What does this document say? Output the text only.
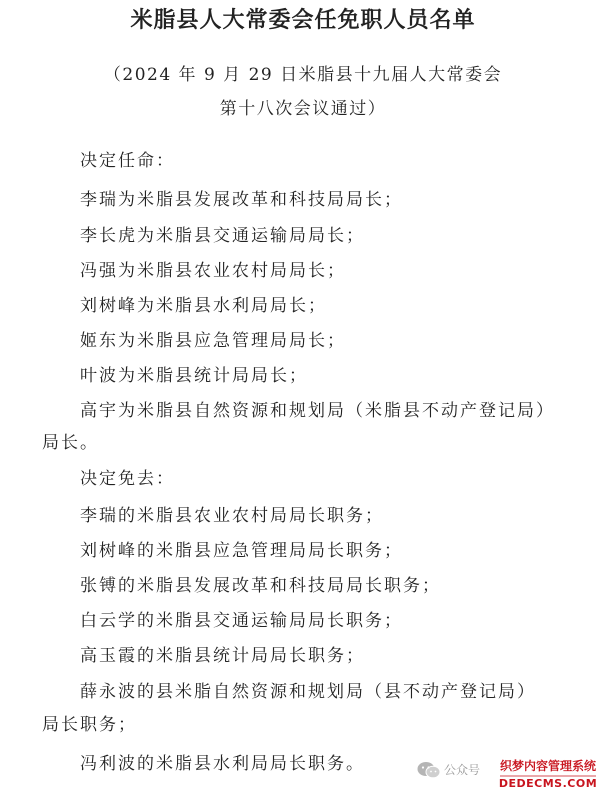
米脂县人大常委会任免职人员名单
（2024 年 9 月 29 日米脂县十九届人大常委会
第十八次会议通过）
决定任命：
李瑞为米脂县发展改革和科技局局长；
李长虎为米脂县交通运输局局长；
冯强为米脂县农业农村局局长；
刘树峰为米脂县水利局局长；
姬东为米脂县应急管理局局长；
叶波为米脂县统计局局长；
高宇为米脂县自然资源和规划局（米脂县不动产登记局）
局长。
决定免去：
李瑞的米脂县农业农村局局长职务；
刘树峰的米脂县应急管理局局长职务；
张镈的米脂县发展改革和科技局局长职务；
白云学的米脂县交通运输局局长职务；
高玉霞的米脂县统计局局长职务；
薛永波的县米脂自然资源和规划局（县不动产登记局）
局长职务；
冯利波的米脂县水利局局长职务。	公众号	织梦内容管理系统
DEDECMS.COM
